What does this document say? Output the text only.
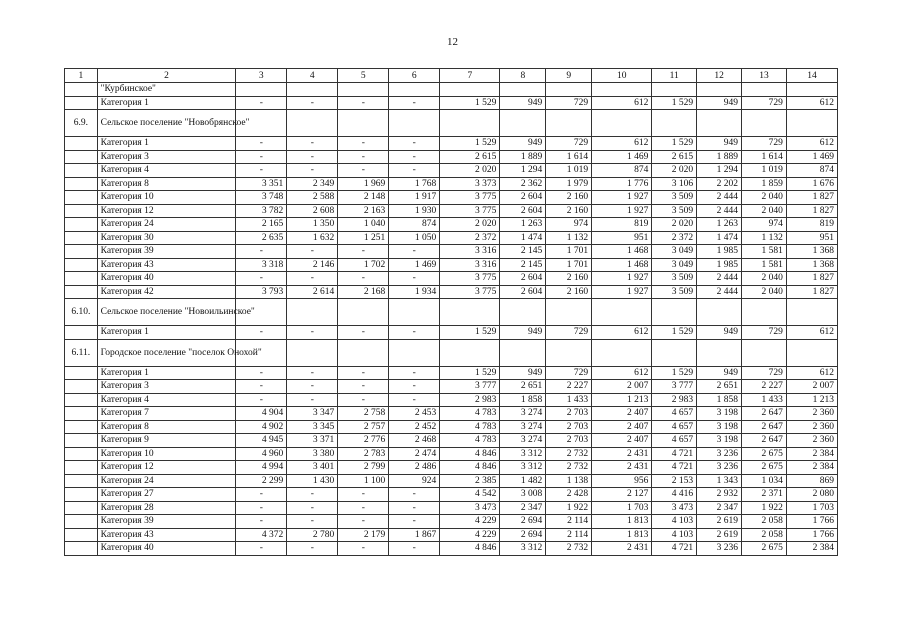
12
1	2	3	4	5	6	7	8	9	10	11	12	13	14
	"Курбинское"												
	Категория 1	-	-	-	-	1 529	949	729	612	1 529	949	729	612
6.9.	Сельское поселение "Новобрянское"												
	Категория 1	-	-	-	-	1 529	949	729	612	1 529	949	729	612
	Категория 3	-	-	-	-	2 615	1 889	1 614	1 469	2 615	1 889	1 614	1 469
	Категория 4	-	-	-	-	2 020	1 294	1 019	874	2 020	1 294	1 019	874
	Категория 8	3 351	2 349	1 969	1 768	3 373	2 362	1 979	1 776	3 106	2 202	1 859	1 676
	Категория 10	3 748	2 588	2 148	1 917	3 775	2 604	2 160	1 927	3 509	2 444	2 040	1 827
	Категория 12	3 782	2 608	2 163	1 930	3 775	2 604	2 160	1 927	3 509	2 444	2 040	1 827
	Категория 24	2 165	1 350	1 040	874	2 020	1 263	974	819	2 020	1 263	974	819
	Категория 30	2 635	1 632	1 251	1 050	2 372	1 474	1 132	951	2 372	1 474	1 132	951
	Категория 39	-	-	-	-	3 316	2 145	1 701	1 468	3 049	1 985	1 581	1 368
	Категория 43	3 318	2 146	1 702	1 469	3 316	2 145	1 701	1 468	3 049	1 985	1 581	1 368
	Категория 40	-	-	-	-	3 775	2 604	2 160	1 927	3 509	2 444	2 040	1 827
	Категория 42	3 793	2 614	2 168	1 934	3 775	2 604	2 160	1 927	3 509	2 444	2 040	1 827
6.10.	Сельское поселение "Новоильинское"												
	Категория 1	-	-	-	-	1 529	949	729	612	1 529	949	729	612
6.11.	Городское поселение "поселок Онохой"												
	Категория 1	-	-	-	-	1 529	949	729	612	1 529	949	729	612
	Категория 3	-	-	-	-	3 777	2 651	2 227	2 007	3 777	2 651	2 227	2 007
	Категория 4	-	-	-	-	2 983	1 858	1 433	1 213	2 983	1 858	1 433	1 213
	Категория 7	4 904	3 347	2 758	2 453	4 783	3 274	2 703	2 407	4 657	3 198	2 647	2 360
	Категория 8	4 902	3 345	2 757	2 452	4 783	3 274	2 703	2 407	4 657	3 198	2 647	2 360
	Категория 9	4 945	3 371	2 776	2 468	4 783	3 274	2 703	2 407	4 657	3 198	2 647	2 360
	Категория 10	4 960	3 380	2 783	2 474	4 846	3 312	2 732	2 431	4 721	3 236	2 675	2 384
	Категория 12	4 994	3 401	2 799	2 486	4 846	3 312	2 732	2 431	4 721	3 236	2 675	2 384
	Категория 24	2 299	1 430	1 100	924	2 385	1 482	1 138	956	2 153	1 343	1 034	869
	Категория 27	-	-	-	-	4 542	3 008	2 428	2 127	4 416	2 932	2 371	2 080
	Категория 28	-	-	-	-	3 473	2 347	1 922	1 703	3 473	2 347	1 922	1 703
	Категория 39	-	-	-	-	4 229	2 694	2 114	1 813	4 103	2 619	2 058	1 766
	Категория 43	4 372	2 780	2 179	1 867	4 229	2 694	2 114	1 813	4 103	2 619	2 058	1 766
	Категория 40	-	-	-	-	4 846	3 312	2 732	2 431	4 721	3 236	2 675	2 384
